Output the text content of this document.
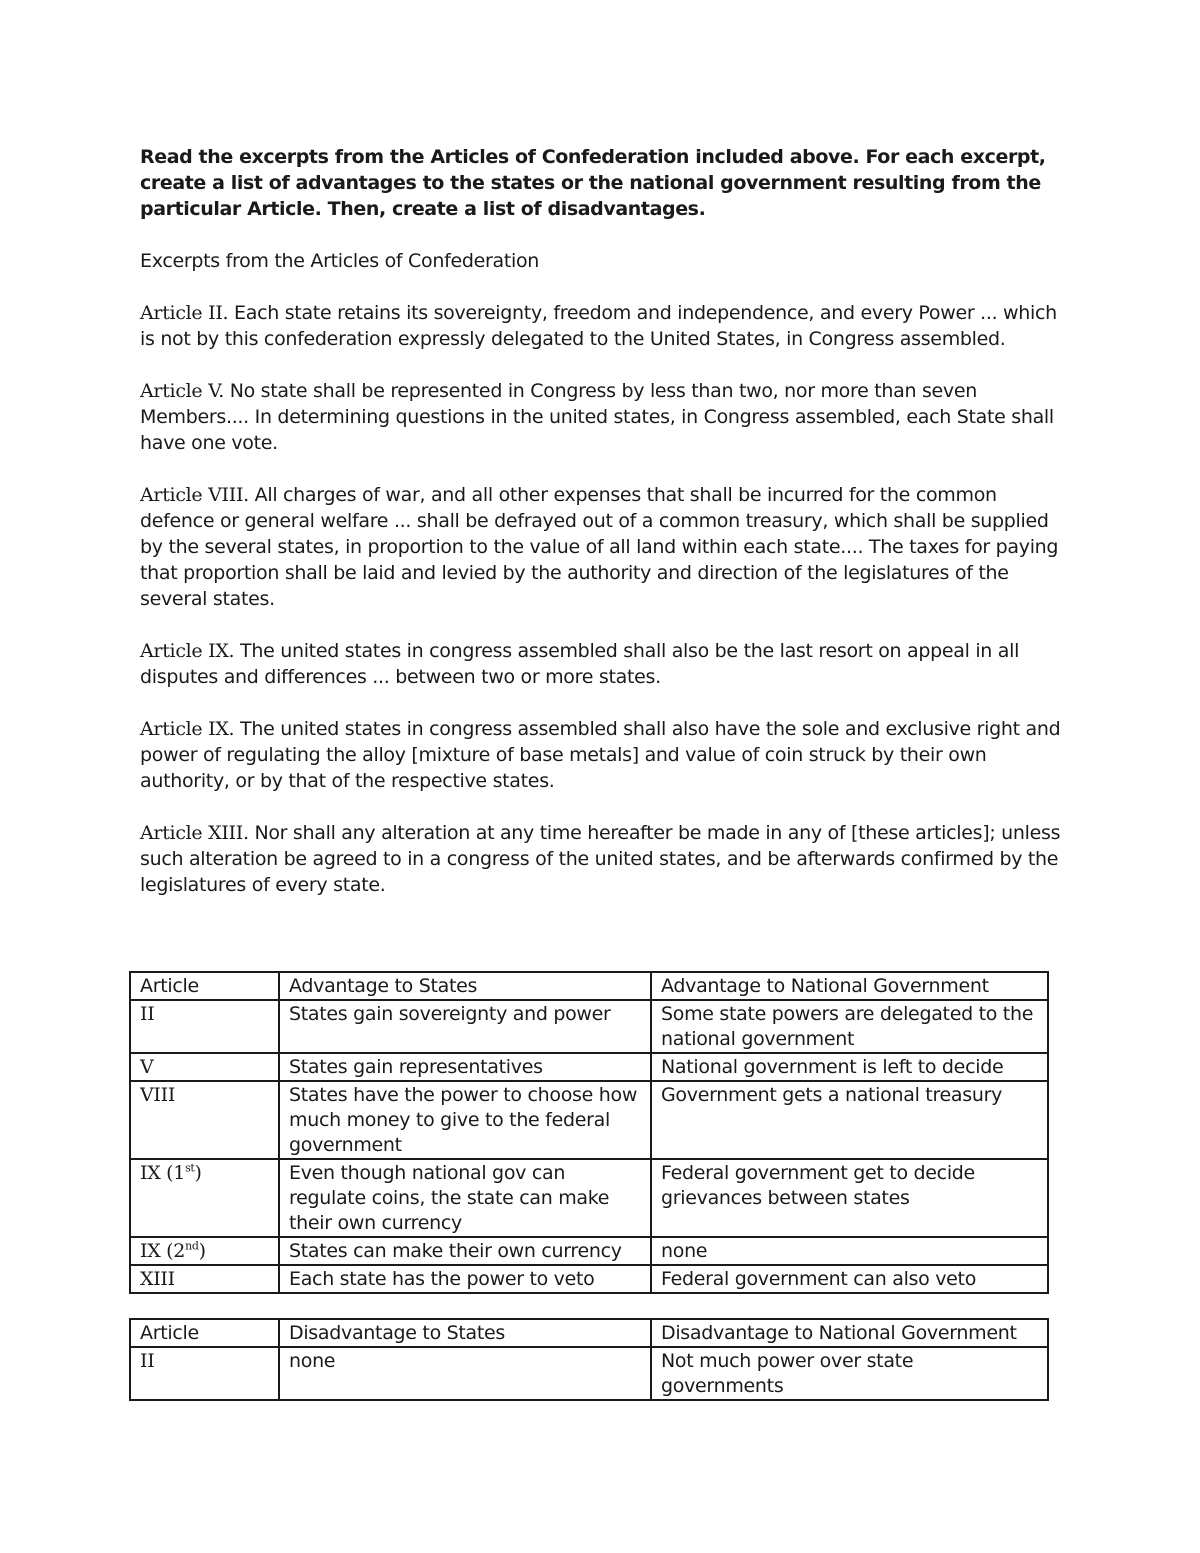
Read the excerpts from the Articles of Confederation included above. For each excerpt, create a list of advantages to the states or the national government resulting from the particular Article. Then, create a list of disadvantages.

Excerpts from the Articles of Confederation

Article II. Each state retains its sovereignty, freedom and independence, and every Power ... which is not by this confederation expressly delegated to the United States, in Congress assembled.

Article V. No state shall be represented in Congress by less than two, nor more than seven Members.... In determining questions in the united states, in Congress assembled, each State shall have one vote.

Article VIII. All charges of war, and all other expenses that shall be incurred for the common defence or general welfare ... shall be defrayed out of a common treasury, which shall be supplied by the several states, in proportion to the value of all land within each state.... The taxes for paying that proportion shall be laid and levied by the authority and direction of the legislatures of the several states.

Article IX. The united states in congress assembled shall also be the last resort on appeal in all disputes and differences ... between two or more states.

Article IX. The united states in congress assembled shall also have the sole and exclusive right and power of regulating the alloy [mixture of base metals] and value of coin struck by their own authority, or by that of the respective states.

Article XIII. Nor shall any alteration at any time hereafter be made in any of [these articles]; unless such alteration be agreed to in a congress of the united states, and be afterwards confirmed by the legislatures of every state.

Article	Advantage to States	Advantage to National Government
II	States gain sovereignty and power	Some state powers are delegated to the national government
V	States gain representatives	National government is left to decide
VIII	States have the power to choose how much money to give to the federal government	Government gets a national treasury
IX (1st)	Even though national gov can regulate coins, the state can make their own currency	Federal government get to decide grievances between states
IX (2nd)	States can make their own currency	none
XIII	Each state has the power to veto	Federal government can also veto
Article	Disadvantage to States	Disadvantage to National Government
II	none	Not much power over state governments
